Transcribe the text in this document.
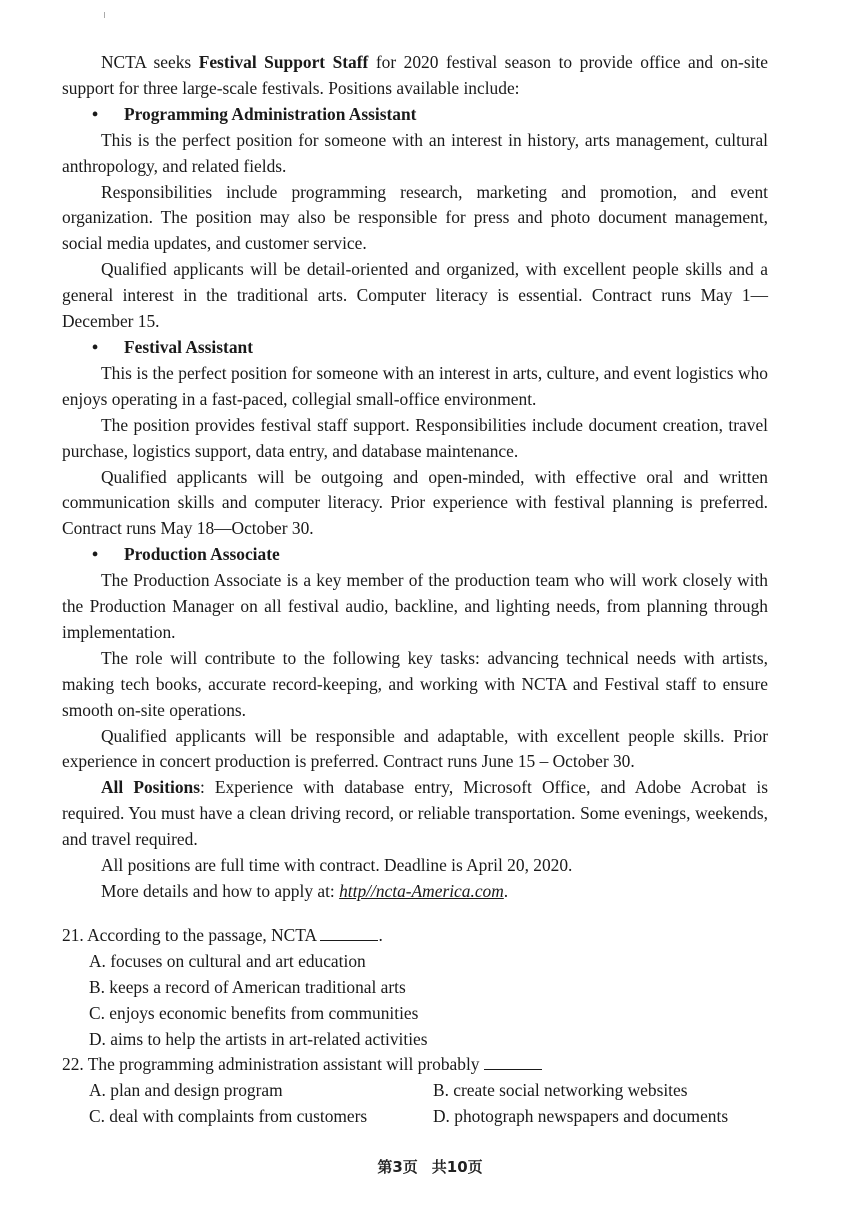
NCTA seeks Festival Support Staff for 2020 festival season to provide office and on-site support for three large-scale festivals. Positions available include:

• Programming Administration Assistant

This is the perfect position for someone with an interest in history, arts management, cultural anthropology, and related fields.

Responsibilities include programming research, marketing and promotion, and event organization. The position may also be responsible for press and photo document management, social media updates, and customer service.

Qualified applicants will be detail-oriented and organized, with excellent people skills and a general interest in the traditional arts. Computer literacy is essential. Contract runs May 1—December 15.

• Festival Assistant

This is the perfect position for someone with an interest in arts, culture, and event logistics who enjoys operating in a fast-paced, collegial small-office environment.

The position provides festival staff support. Responsibilities include document creation, travel purchase, logistics support, data entry, and database maintenance.

Qualified applicants will be outgoing and open-minded, with effective oral and written communication skills and computer literacy. Prior experience with festival planning is preferred. Contract runs May 18—October 30.

• Production Associate

The Production Associate is a key member of the production team who will work closely with the Production Manager on all festival audio, backline, and lighting needs, from planning through implementation.

The role will contribute to the following key tasks: advancing technical needs with artists, making tech books, accurate record-keeping, and working with NCTA and Festival staff to ensure smooth on-site operations.

Qualified applicants will be responsible and adaptable, with excellent people skills. Prior experience in concert production is preferred. Contract runs June 15 – October 30.

All Positions: Experience with database entry, Microsoft Office, and Adobe Acrobat is required. You must have a clean driving record, or reliable transportation. Some evenings, weekends, and travel required.

All positions are full time with contract. Deadline is April 20, 2020.

More details and how to apply at: http//ncta-America.com.

21. According to the passage, NCTA	.

A. focuses on cultural and art education

B. keeps a record of American traditional arts

C. enjoys economic benefits from communities

D. aims to help the artists in art-related activities

22. The programming administration assistant will probably

A. plan and design program	B. create social networking websites
C. deal with complaints from customers	D. photograph newspapers and documents
第3页 共10页
